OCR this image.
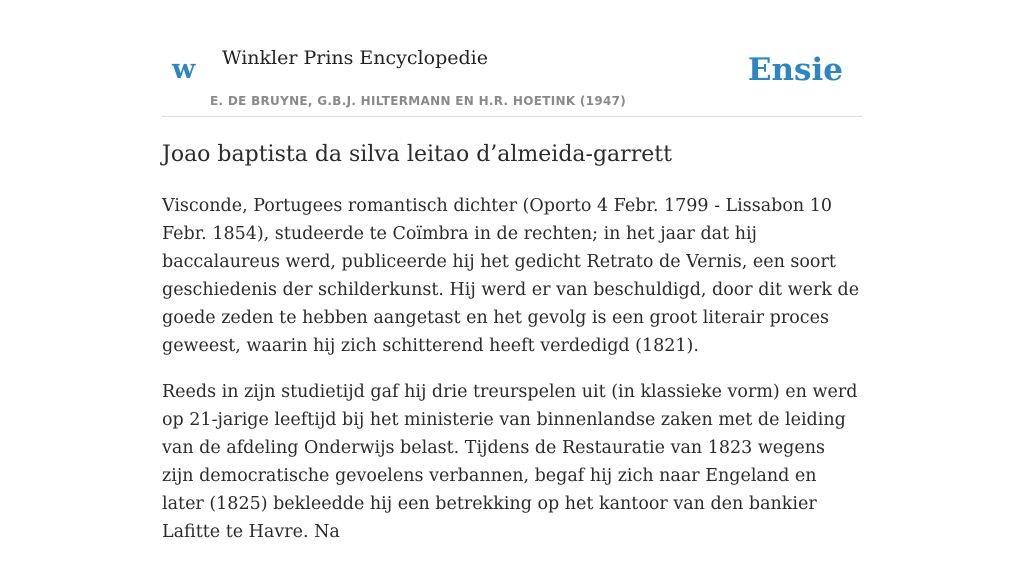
w Winkler Prins Encyclopedie
E. DE BRUYNE, G.B.J. HILTERMANN EN H.R. HOETINK (1947)
Ensie
Joao baptista da silva leitao d’almeida-garrett

Visconde, Portugees romantisch dichter (Oporto 4 Febr. 1799 - Lissabon 10 Febr. 1854), studeerde te Coïmbra in de rechten; in het jaar dat hij baccalaureus werd, publiceerde hij het gedicht Retrato de Vernis, een soort geschiedenis der schilderkunst. Hij werd er van beschuldigd, door dit werk de goede zeden te hebben aangetast en het gevolg is een groot literair proces geweest, waarin hij zich schitterend heeft verdedigd (1821).

Reeds in zijn studietijd gaf hij drie treurspelen uit (in klassieke vorm) en werd op 21-jarige leeftijd bij het ministerie van binnenlandse zaken met de leiding van de afdeling Onderwijs belast. Tijdens de Restauratie van 1823 wegens zijn democratische gevoelens verbannen, begaf hij zich naar Engeland en later (1825) bekleedde hij een betrekking op het kantoor van den bankier Lafitte te Havre. Na
